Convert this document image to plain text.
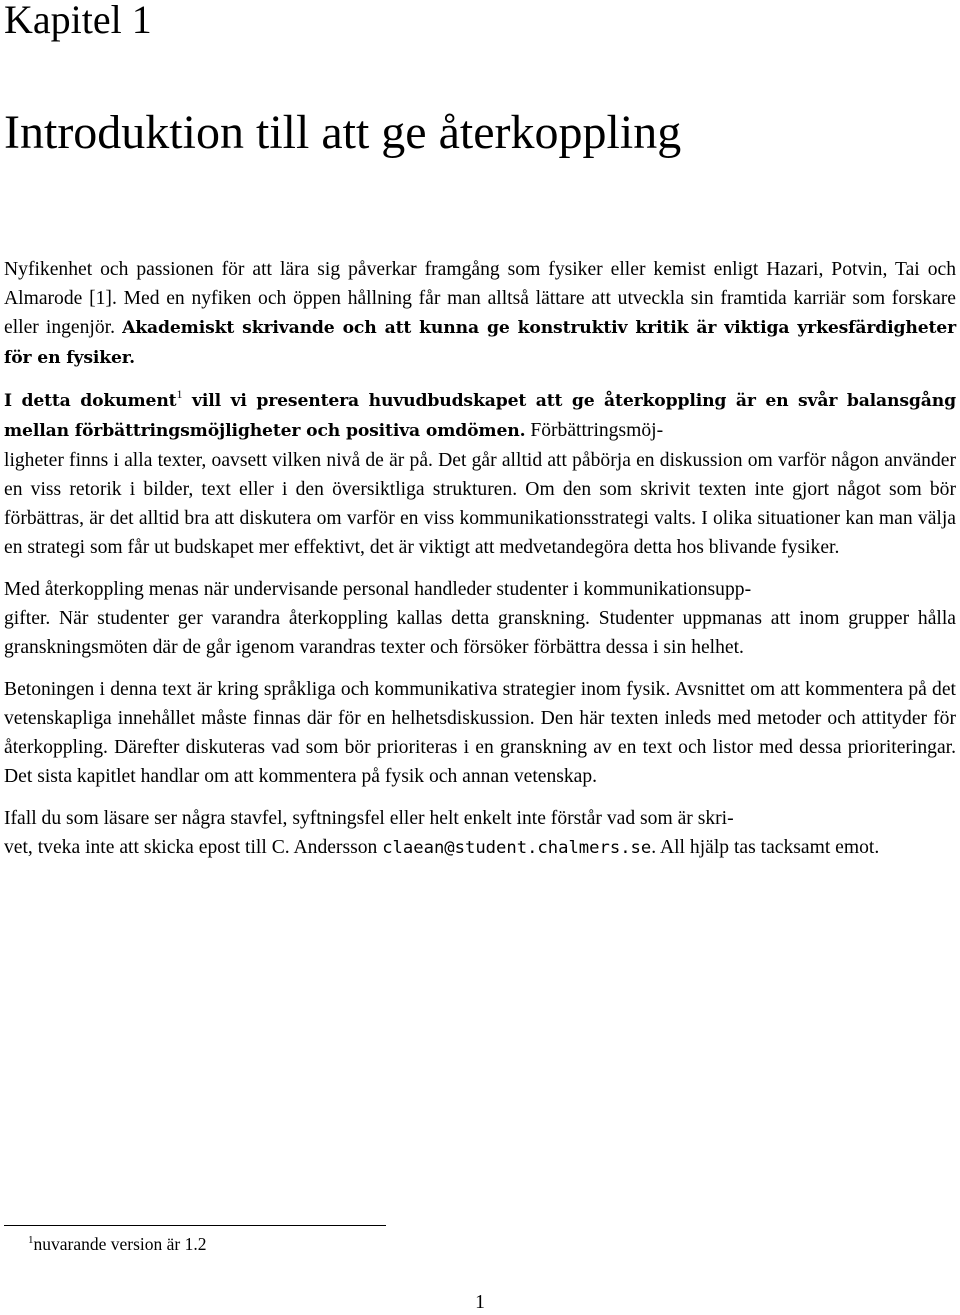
Kapitel 1
Introduktion till att ge återkoppling

Nyfikenhet och passionen för att lära sig påverkar framgång som fysiker eller kemist enligt Hazari, Potvin, Tai och Almarode [1]. Med en nyfiken och öppen hållning får man alltså lättare att utveckla sin framtida karriär som forskare eller ingenjör. Akademiskt skrivande och att kunna ge konstruktiv kritik är viktiga yrkesfärdigheter för en fysiker.

I detta dokument$^1$ vill vi presentera huvudbudskapet att ge återkoppling är en svår balansgång mellan förbättringsmöjligheter och positiva omdömen. Förbättringsmöj-
ligheter finns i alla texter, oavsett vilken nivå de är på. Det går alltid att påbörja en diskussion om varför någon använder en viss retorik i bilder, text eller i den översiktliga strukturen. Om den som skrivit texten inte gjort något som bör förbättras, är det alltid bra att diskutera om varför en viss kommunikationsstrategi valts. I olika situationer kan man välja en strategi som får ut budskapet mer effektivt, det är viktigt att medvetandegöra detta hos blivande fysiker.

Med återkoppling menas när undervisande personal handleder studenter i kommunikationsupp-
gifter. När studenter ger varandra återkoppling kallas detta granskning. Studenter uppmanas att inom grupper hålla granskningsmöten där de går igenom varandras texter och försöker förbättra dessa i sin helhet.

Betoningen i denna text är kring språkliga och kommunikativa strategier inom fysik. Avsnittet om att kommentera på det vetenskapliga innehållet måste finnas där för en helhetsdiskussion. Den här texten inleds med metoder och attityder för återkoppling. Därefter diskuteras vad som bör prioriteras i en granskning av en text och listor med dessa prioriteringar. Det sista kapitlet handlar om att kommentera på fysik och annan vetenskap.

Ifall du som läsare ser några stavfel, syftningsfel eller helt enkelt inte förstår vad som är skri-
vet, tveka inte att skicka epost till C. Andersson claean@student.chalmers.se. All hjälp tas tacksamt emot.

$^1$nuvarande version är 1.2
1
